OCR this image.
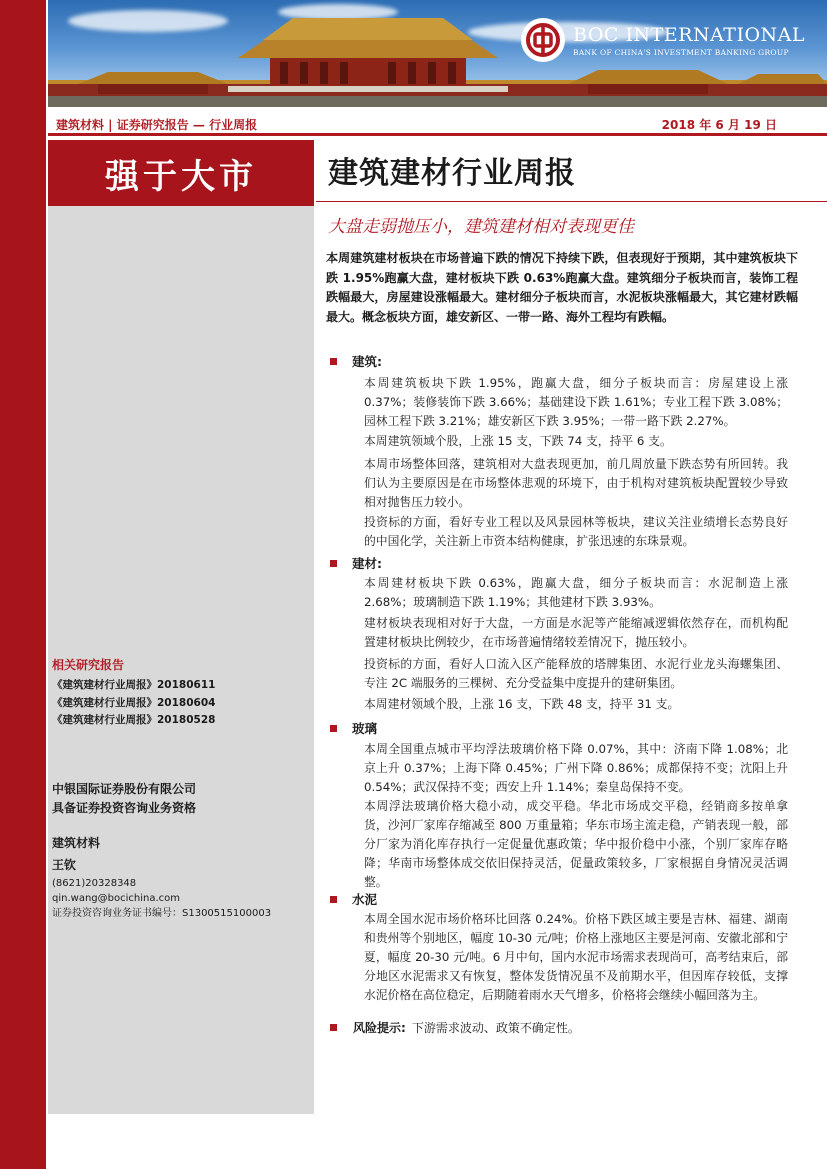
BOC INTERNATIONAL
BANK OF CHINA'S INVESTMENT BANKING GROUP
建筑材料 | 证券研究报告 — 行业周报	2018 年 6 月 19 日
强于大市
相关研究报告
《建筑建材行业周报》20180611
《建筑建材行业周报》20180604
《建筑建材行业周报》20180528
中银国际证券股份有限公司
具备证券投资咨询业务资格
建筑材料
王钦
(8621)20328348
qin.wang@bocichina.com
证券投资咨询业务证书编号：S1300515100003
建筑建材行业周报
大盘走弱抛压小，建筑建材相对表现更佳
本周建筑建材板块在市场普遍下跌的情况下持续下跌，但表现好于预期，其中建筑板块下跌 1.95%跑赢大盘，建材板块下跌 0.63%跑赢大盘。建筑细分子板块而言，装饰工程跌幅最大，房屋建设涨幅最大。建材细分子板块而言，水泥板块涨幅最大，其它建材跌幅最大。概念板块方面，雄安新区、一带一路、海外工程均有跌幅。
建筑:
本周建筑板块下跌 1.95%，跑赢大盘，细分子板块而言：房屋建设上涨 0.37%；装修装饰下跌 3.66%；基础建设下跌 1.61%；专业工程下跌 3.08%；园林工程下跌 3.21%；雄安新区下跌 3.95%；一带一路下跌 2.27%。
本周建筑领域个股，上涨 15 支，下跌 74 支，持平 6 支。
本周市场整体回落，建筑相对大盘表现更加，前几周放量下跌态势有所回转。我们认为主要原因是在市场整体悲观的环境下，由于机构对建筑板块配置较少导致相对抛售压力较小。
投资标的方面，看好专业工程以及风景园林等板块，建议关注业绩增长态势良好的中国化学，关注新上市资本结构健康，扩张迅速的东珠景观。
建材:
本周建材板块下跌 0.63%，跑赢大盘，细分子板块而言：水泥制造上涨 2.68%；玻璃制造下跌 1.19%；其他建材下跌 3.93%。
建材板块表现相对好于大盘，一方面是水泥等产能缩减逻辑依然存在，而机构配置建材板块比例较少，在市场普遍情绪较差情况下，抛压较小。
投资标的方面，看好人口流入区产能释放的塔牌集团、水泥行业龙头海螺集团、专注 2C 端服务的三棵树、充分受益集中度提升的建研集团。
本周建材领域个股，上涨 16 支，下跌 48 支，持平 31 支。
玻璃
本周全国重点城市平均浮法玻璃价格下降 0.07%，其中：济南下降 1.08%；北京上升 0.37%；上海下降 0.45%；广州下降 0.86%；成都保持不变；沈阳上升 0.54%；武汉保持不变；西安上升 1.14%；秦皇岛保持不变。
本周浮法玻璃价格大稳小动，成交平稳。华北市场成交平稳，经销商多按单拿货，沙河厂家库存缩减至 800 万重量箱；华东市场主流走稳，产销表现一般，部分厂家为消化库存执行一定促量优惠政策；华中报价稳中小涨，个别厂家库存略降；华南市场整体成交依旧保持灵活，促量政策较多，厂家根据自身情况灵活调整。
水泥
本周全国水泥市场价格环比回落 0.24%。价格下跌区域主要是吉林、福建、湖南和贵州等个别地区，幅度 10-30 元/吨；价格上涨地区主要是河南、安徽北部和宁夏，幅度 20-30 元/吨。6 月中旬，国内水泥市场需求表现尚可，高考结束后，部分地区水泥需求又有恢复，整体发货情况虽不及前期水平，但因库存较低，支撑水泥价格在高位稳定，后期随着雨水天气增多，价格将会继续小幅回落为主。
风险提示: 下游需求波动、政策不确定性。
